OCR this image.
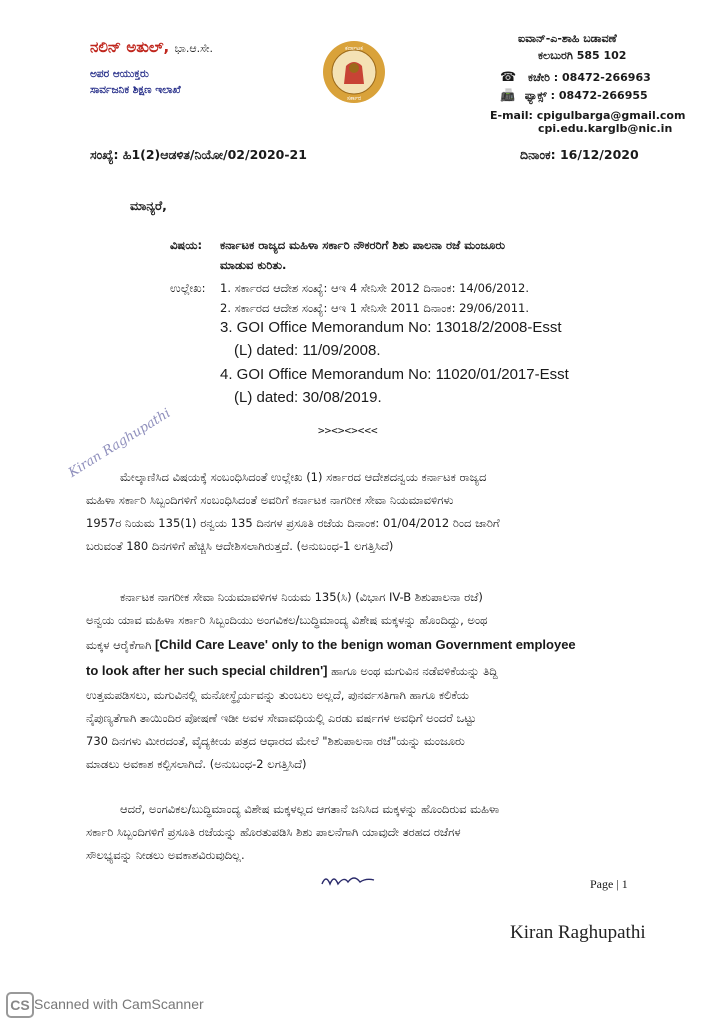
ನಲಿನ್ ಅತುಲ್, ಭಾ.ಆ.ಸೇ.
ಅಪರ ಆಯುಕ್ತರು
ಸಾರ್ವಜನಿಕ ಶಿಕ್ಷಣ ಇಲಾಖೆ
ಕರ್ನಾಟಕ
ಸರ್ಕಾರ
ಐವಾನ್-ಎ-ಶಾಹಿ ಬಡಾವಣೆ
ಕಲಬುರಗಿ 585 102
☎ ಕಚೇರಿ : 08472-266963
📠 ಫ್ಯಾಕ್ಸ್ : 08472-266955
E-mail: cpigulbarga@gmail.com
cpi.edu.karglb@nic.in
ಸಂಖ್ಯೆ: ಹಿ1(2)ಆಡಳಿತ/ನಿಯೋ/02/2020-21	ದಿನಾಂಕ: 16/12/2020
ಮಾನ್ಯರೆ,
ವಿಷಯ: ಕರ್ನಾಟಕ ರಾಜ್ಯದ ಮಹಿಳಾ ಸರ್ಕಾರಿ ನೌಕರರಿಗೆ ಶಿಶು ಪಾಲನಾ ರಜೆ ಮಂಜೂರು
ಮಾಡುವ ಕುರಿತು.
ಉಲ್ಲೇಖ: 1. ಸರ್ಕಾರದ ಆದೇಶ ಸಂಖ್ಯೆ: ಆಇ 4 ಸೇನಿಸೇ 2012 ದಿನಾಂಕ: 14/06/2012.
2. ಸರ್ಕಾರದ ಆದೇಶ ಸಂಖ್ಯೆ: ಆಇ 1 ಸೇನಿಸೇ 2011 ದಿನಾಂಕ: 29/06/2011.
3. GOI Office Memorandum No: 13018/2/2008-Esst
(L) dated: 11/09/2008.
4. GOI Office Memorandum No: 11020/01/2017-Esst
(L) dated: 30/08/2019.
>><><><<<
Kiran Raghupathi
ಮೇಲ್ಕಾಣಿಸಿದ ವಿಷಯಕ್ಕೆ ಸಂಬಂಧಿಸಿದಂತೆ ಉಲ್ಲೇಖ (1) ಸರ್ಕಾರದ ಆದೇಶದನ್ವಯ ಕರ್ನಾಟಕ ರಾಜ್ಯದ
ಮಹಿಳಾ ಸರ್ಕಾರಿ ಸಿಬ್ಬಂದಿಗಳಿಗೆ ಸಂಬಂಧಿಸಿದಂತೆ ಅವರಿಗೆ ಕರ್ನಾಟಕ ನಾಗರೀಕ ಸೇವಾ ನಿಯಮಾವಳಿಗಳು
1957ರ ನಿಯಮ 135(1) ರನ್ವಯ 135 ದಿನಗಳ ಪ್ರಸೂತಿ ರಜೆಯ ದಿನಾಂಕ: 01/04/2012 ರಿಂದ ಜಾರಿಗೆ
ಬರುವಂತೆ 180 ದಿನಗಳಿಗೆ ಹೆಚ್ಚಿಸಿ ಆದೇಶಿಸಲಾಗಿರುತ್ತದೆ. (ಅನುಬಂಧ-1 ಲಗತ್ತಿಸಿದೆ)
ಕರ್ನಾಟಕ ನಾಗರೀಕ ಸೇವಾ ನಿಯಮಾವಳಿಗಳ ನಿಯಮ 135(ಸಿ) (ವಿಭಾಗ IV-B ಶಿಶುಪಾಲನಾ ರಜೆ)
ಅನ್ವಯ ಯಾವ ಮಹಿಳಾ ಸರ್ಕಾರಿ ಸಿಬ್ಬಂದಿಯು ಅಂಗವಿಕಲ/ಬುದ್ಧಿಮಾಂದ್ಯ ವಿಶೇಷ ಮಕ್ಕಳನ್ನು ಹೊಂದಿದ್ದು, ಅಂಥ
ಮಕ್ಕಳ ಆರೈಕೆಗಾಗಿ [Child Care Leave' only to the benign woman Government employee
to look after her such special children'] ಹಾಗೂ ಅಂಥ ಮಗುವಿನ ನಡೆವಳಿಕೆಯನ್ನು ತಿದ್ದಿ
ಉತ್ತಮಪಡಿಸಲು, ಮಗುವಿನಲ್ಲಿ ಮನೋಸ್ಥೈರ್ಯವನ್ನು ತುಂಬಲು ಅಲ್ಲದೆ, ಪುನರ್ವಸತಿಗಾಗಿ ಹಾಗೂ ಕಲಿಕೆಯ
ನೈಪುಣ್ಯತೆಗಾಗಿ ತಾಯಿಂದಿರ ಪೋಷಣೆ ಇಡೀ ಅವಳ ಸೇವಾವಧಿಯಲ್ಲಿ ಎರಡು ವರ್ಷಗಳ ಅವಧಿಗೆ ಅಂದರೆ ಒಟ್ಟು
730 ದಿನಗಳು ಮೀರದಂತೆ, ವೈದ್ಯಕೀಯ ಪತ್ರದ ಆಧಾರದ ಮೇಲೆ "ಶಿಶುಪಾಲನಾ ರಜೆ"ಯನ್ನು ಮಂಜೂರು
ಮಾಡಲು ಅವಕಾಶ ಕಲ್ಪಿಸಲಾಗಿದೆ. (ಅನುಬಂಧ-2 ಲಗತ್ತಿಸಿದೆ)
ಆದರೆ, ಅಂಗವಿಕಲ/ಬುದ್ಧಿಮಾಂದ್ಯ ವಿಶೇಷ ಮಕ್ಕಳಲ್ಲದ ಆಗತಾನೆ ಜನಿಸಿದ ಮಕ್ಕಳನ್ನು ಹೊಂದಿರುವ ಮಹಿಳಾ
ಸರ್ಕಾರಿ ಸಿಬ್ಬಂದಿಗಳಿಗೆ ಪ್ರಸೂತಿ ರಜೆಯನ್ನು ಹೊರತುಪಡಿಸಿ ಶಿಶು ಪಾಲನೆಗಾಗಿ ಯಾವುದೇ ತರಹದ ರಜೆಗಳ
ಸೌಲಭ್ಯವನ್ನು ನೀಡಲು ಅವಕಾಶವಿರುವುದಿಲ್ಲ.
Page | 1
Kiran Raghupathi
CS Scanned with CamScanner
